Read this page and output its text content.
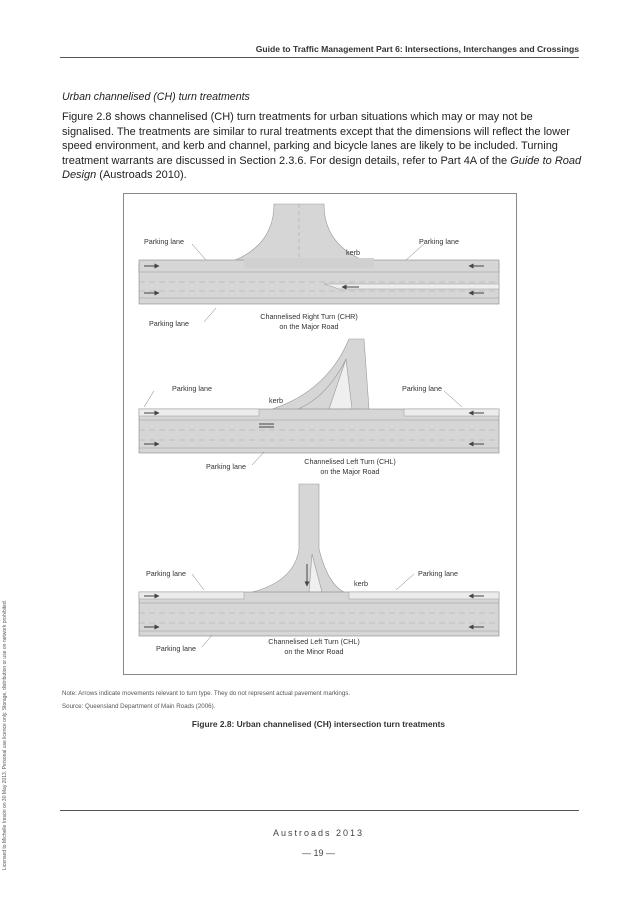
Guide to Traffic Management Part 6: Intersections, Interchanges and Crossings
Licensed to Michelle Ireson on 30 May 2013. Personal use licence only. Storage, distribution or use on network prohibited.
Urban channelised (CH) turn treatments
Figure 2.8 shows channelised (CH) turn treatments for urban situations which may or may not be signalised. The treatments are similar to rural treatments except that the dimensions will reflect the lower speed environment, and kerb and channel, parking and bicycle lanes are likely to be included. Turning treatment warrants are discussed in Section 2.3.6. For design details, refer to Part 4A of the Guide to Road Design (Austroads 2010).
Parking lane	Parking lane
kerb
Parking lane
Channelised Right Turn (CHR)
on the Major Road
Parking lane	Parking lane
kerb
Parking lane
Channelised Left Turn (CHL)
on the Major Road
Parking lane	Parking lane
kerb
Parking lane
Channelised Left Turn (CHL)
on the Minor Road
Note: Arrows indicate movements relevant to turn type. They do not represent actual pavement markings.
Source: Queensland Department of Main Roads (2006).
Figure 2.8: Urban channelised (CH) intersection turn treatments
Austroads 2013
— 19 —
